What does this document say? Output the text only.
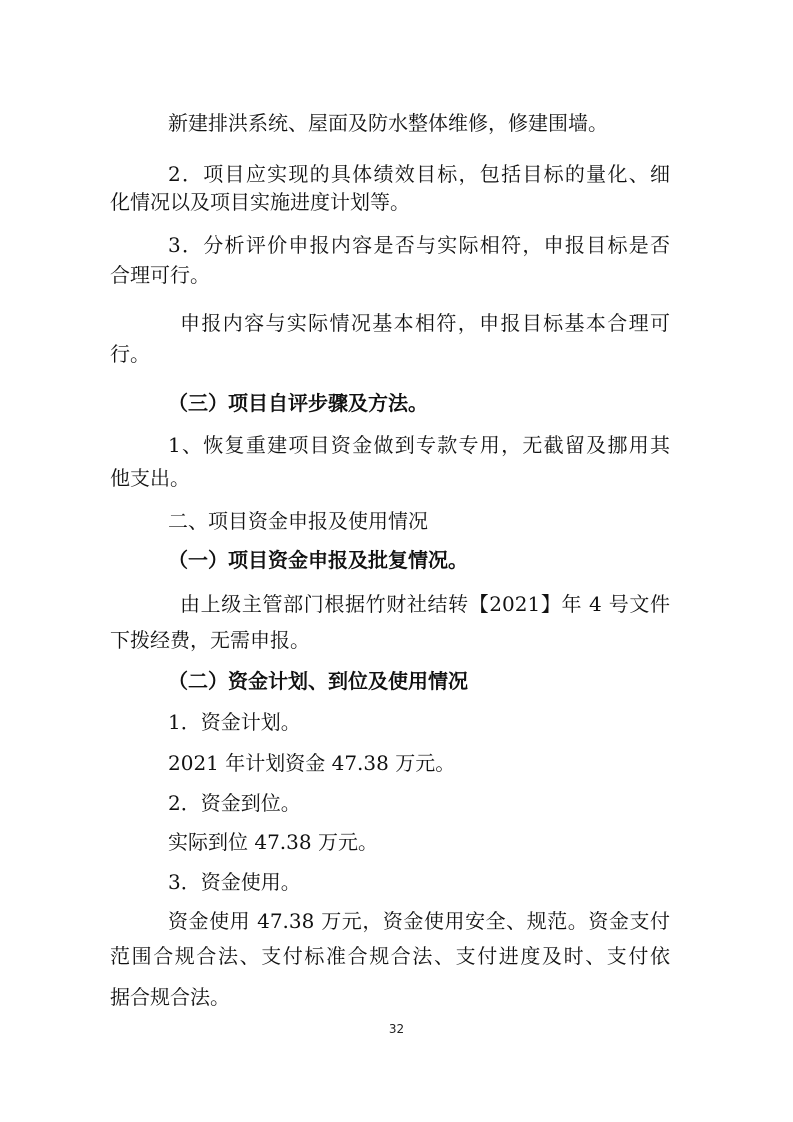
新建排洪系统、屋面及防水整体维修，修建围墙。
2．项目应实现的具体绩效目标，包括目标的量化、细
化情况以及项目实施进度计划等。
3．分析评价申报内容是否与实际相符，申报目标是否
合理可行。
申报内容与实际情况基本相符，申报目标基本合理可
行。
（三）项目自评步骤及方法。
1、恢复重建项目资金做到专款专用，无截留及挪用其
他支出。
二、项目资金申报及使用情况
（一）项目资金申报及批复情况。
由上级主管部门根据竹财社结转【2021】年 4 号文件
下拨经费，无需申报。
（二）资金计划、到位及使用情况
1．资金计划。
2021 年计划资金 47.38 万元。
2．资金到位。
实际到位 47.38 万元。
3．资金使用。
资金使用 47.38 万元，资金使用安全、规范。资金支付
范围合规合法、支付标准合规合法、支付进度及时、支付依
据合规合法。
32
